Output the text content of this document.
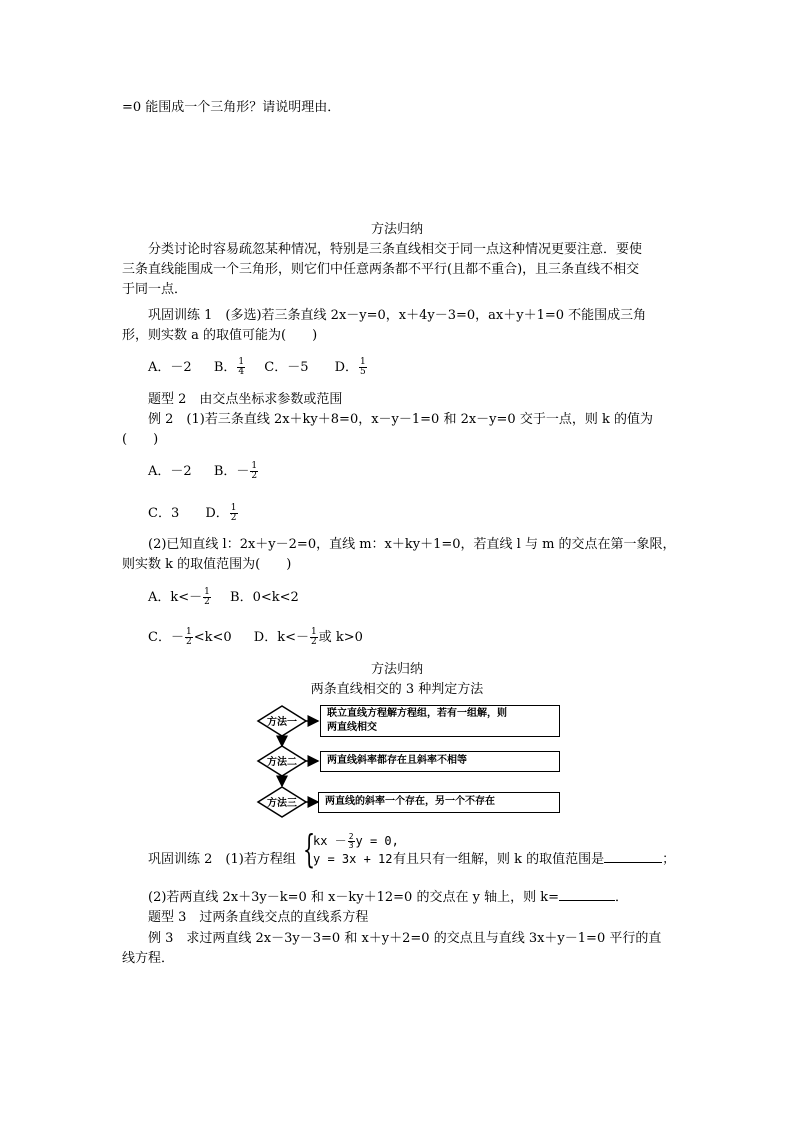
=0 能围成一个三角形？请说明理由．
方法归纳
分类讨论时容易疏忽某种情况，特别是三条直线相交于同一点这种情况更要注意．要使
三条直线能围成一个三角形，则它们中任意两条都不平行(且都不重合)，且三条直线不相交
于同一点．
巩固训练 1　(多选)若三条直线 2x－y=0，x＋4y－3=0，ax＋y＋1=0 不能围成三角
形，则实数 a 的取值可能为(　　)
A．－2 B． $\frac{1}{4}$ C．－5 D． $\frac{1}{5}$
题型 2　由交点坐标求参数或范围
例 2　(1)若三条直线 2x＋ky＋8=0，x－y－1=0 和 2x－y=0 交于一点，则 k 的值为
(　　)
A．－2 B．－ $\frac{1}{2}$
C．3 D． $\frac{1}{2}$
(2)已知直线 l：2x＋y－2=0，直线 m：x＋ky＋1=0，若直线 l 与 m 的交点在第一象限，
则实数 k 的取值范围为(　　)
A．$k<- \frac{1}{2}$ B．0<k<2
C．－ $\frac{1}{2} <k<0$ D．$k<- \frac{1}{2}$ 或 k>0
方法归纳
两条直线相交的 3 种判定方法
方法一
方法二
方法三
联立直线方程解方程组，若有一组解，则
两直线相交
两直线斜率都存在且斜率不相等
两直线的斜率一个存在，另一个不存在
巩固训练 2　(1)若方程组 {
kx － $\frac{2}{3}$ y = 0,
y = 3x + 12 有且只有一组解，则 k 的取值范围是	；
(2)若两直线 2x＋3y－k=0 和 x－ky＋12=0 的交点在 y 轴上，则 k=	．
题型 3　过两条直线交点的直线系方程
例 3　求过两直线 2x－3y－3=0 和 x＋y＋2=0 的交点且与直线 3x＋y－1=0 平行的直
线方程．
